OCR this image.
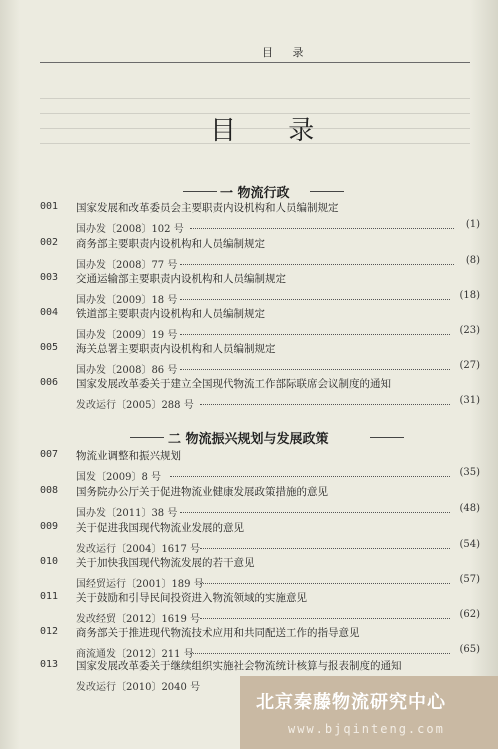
目 录
目 录
一 物流行政
001 国家发展和改革委员会主要职责内设机构和人员编制规定
国办发〔2008〕102 号	(1)
002 商务部主要职责内设机构和人员编制规定
国办发〔2008〕77 号	(8)
003 交通运输部主要职责内设机构和人员编制规定
国办发〔2009〕18 号	(18)
004 铁道部主要职责内设机构和人员编制规定
国办发〔2009〕19 号	(23)
005 海关总署主要职责内设机构和人员编制规定
国办发〔2008〕86 号	(27)
006 国家发展改革委关于建立全国现代物流工作部际联席会议制度的通知
发改运行〔2005〕288 号	(31)
二 物流振兴规划与发展政策
007 物流业调整和振兴规划
国发〔2009〕8 号	(35)
008 国务院办公厅关于促进物流业健康发展政策措施的意见
国办发〔2011〕38 号	(48)
009 关于促进我国现代物流业发展的意见
发改运行〔2004〕1617 号	(54)
010 关于加快我国现代物流发展的若干意见
国经贸运行〔2001〕189 号	(57)
011 关于鼓励和引导民间投资进入物流领域的实施意见
发改经贸〔2012〕1619 号	(62)
012 商务部关于推进现代物流技术应用和共同配送工作的指导意见
商流通发〔2012〕211 号	(65)
013 国家发展改革委关于继续组织实施社会物流统计核算与报表制度的通知
发改运行〔2010〕2040 号
北京秦藤物流研究中心
www.bjqinteng.com
